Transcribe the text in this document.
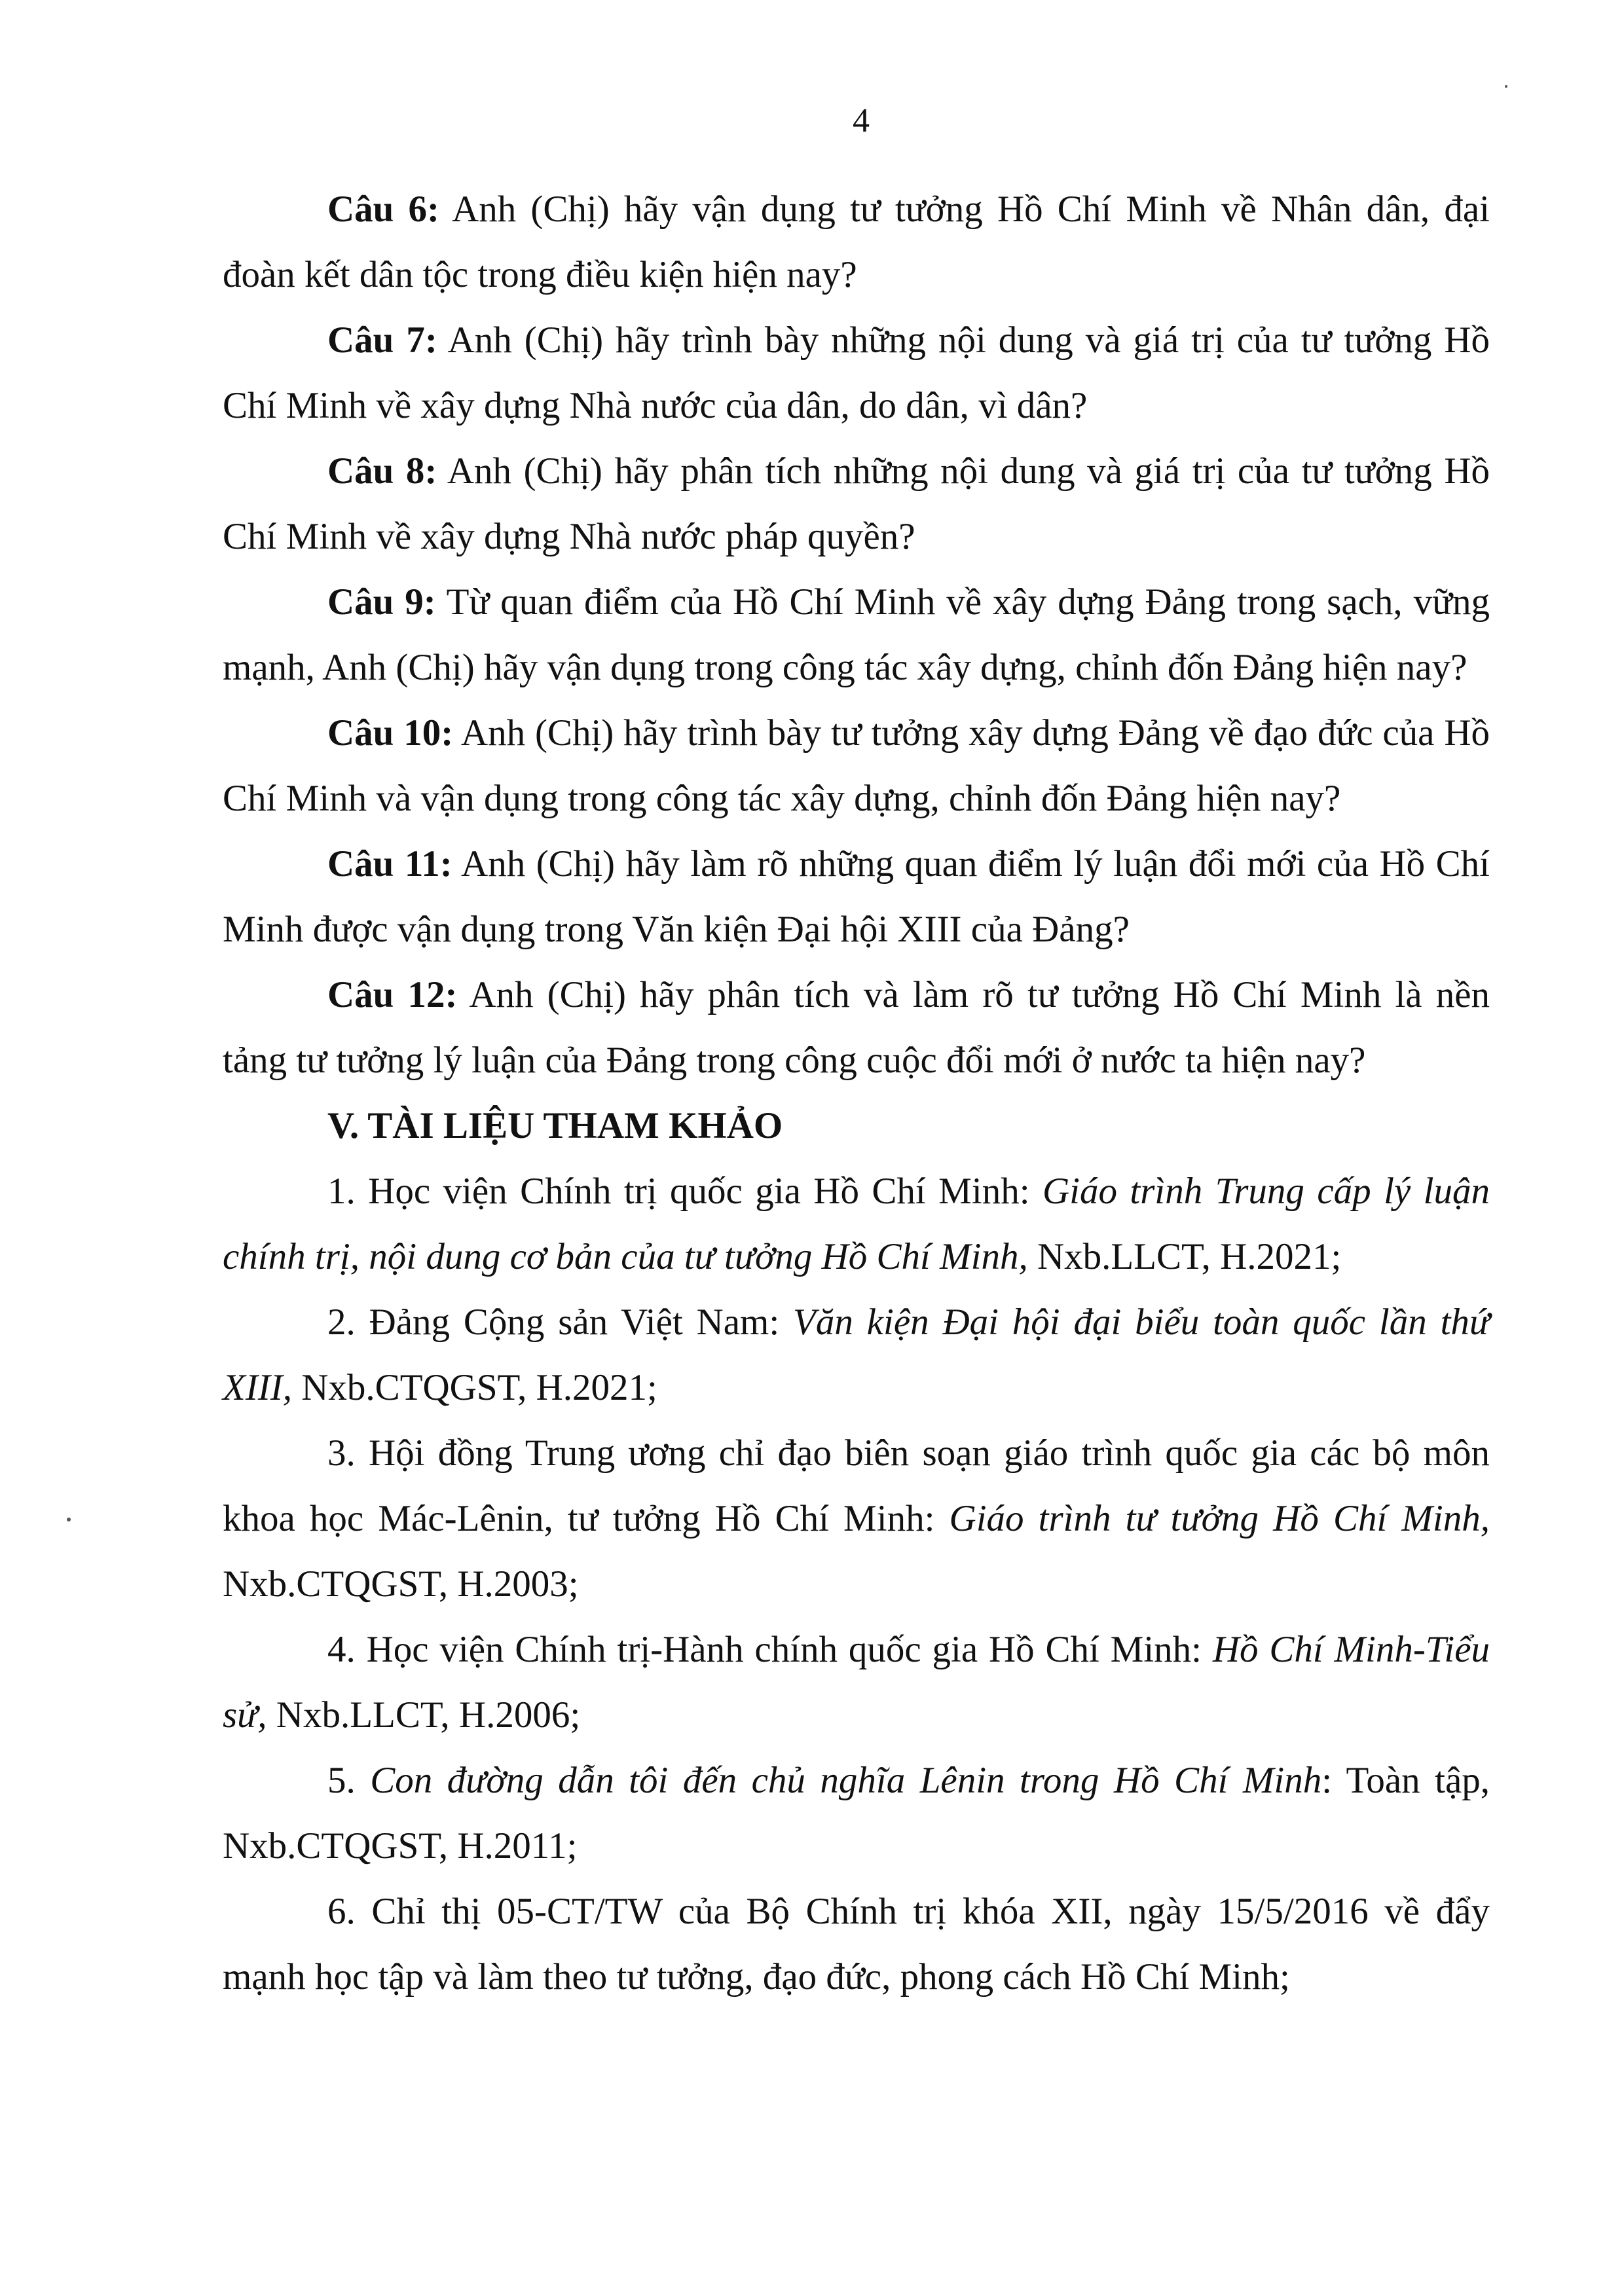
4

Câu 6: Anh (Chị) hãy vận dụng tư tưởng Hồ Chí Minh về Nhân dân, đại đoàn kết dân tộc trong điều kiện hiện nay?

Câu 7: Anh (Chị) hãy trình bày những nội dung và giá trị của tư tưởng Hồ Chí Minh về xây dựng Nhà nước của dân, do dân, vì dân?

Câu 8: Anh (Chị) hãy phân tích những nội dung và giá trị của tư tưởng Hồ Chí Minh về xây dựng Nhà nước pháp quyền?

Câu 9: Từ quan điểm của Hồ Chí Minh về xây dựng Đảng trong sạch, vững mạnh, Anh (Chị) hãy vận dụng trong công tác xây dựng, chỉnh đốn Đảng hiện nay?

Câu 10: Anh (Chị) hãy trình bày tư tưởng xây dựng Đảng về đạo đức của Hồ Chí Minh và vận dụng trong công tác xây dựng, chỉnh đốn Đảng hiện nay?

Câu 11: Anh (Chị) hãy làm rõ những quan điểm lý luận đổi mới của Hồ Chí Minh được vận dụng trong Văn kiện Đại hội XIII của Đảng?

Câu 12: Anh (Chị) hãy phân tích và làm rõ tư tưởng Hồ Chí Minh là nền tảng tư tưởng lý luận của Đảng trong công cuộc đổi mới ở nước ta hiện nay?

V. TÀI LIỆU THAM KHẢO

1. Học viện Chính trị quốc gia Hồ Chí Minh: Giáo trình Trung cấp lý luận chính trị, nội dung cơ bản của tư tưởng Hồ Chí Minh, Nxb.LLCT, H.2021;

2. Đảng Cộng sản Việt Nam: Văn kiện Đại hội đại biểu toàn quốc lần thứ XIII, Nxb.CTQGST, H.2021;

3. Hội đồng Trung ương chỉ đạo biên soạn giáo trình quốc gia các bộ môn khoa học Mác-Lênin, tư tưởng Hồ Chí Minh: Giáo trình tư tưởng Hồ Chí Minh, Nxb.CTQGST, H.2003;

4. Học viện Chính trị-Hành chính quốc gia Hồ Chí Minh: Hồ Chí Minh-Tiểu sử, Nxb.LLCT, H.2006;

5. Con đường dẫn tôi đến chủ nghĩa Lênin trong Hồ Chí Minh: Toàn tập, Nxb.CTQGST, H.2011;

6. Chỉ thị 05-CT/TW của Bộ Chính trị khóa XII, ngày 15/5/2016 về đẩy mạnh học tập và làm theo tư tưởng, đạo đức, phong cách Hồ Chí Minh;
